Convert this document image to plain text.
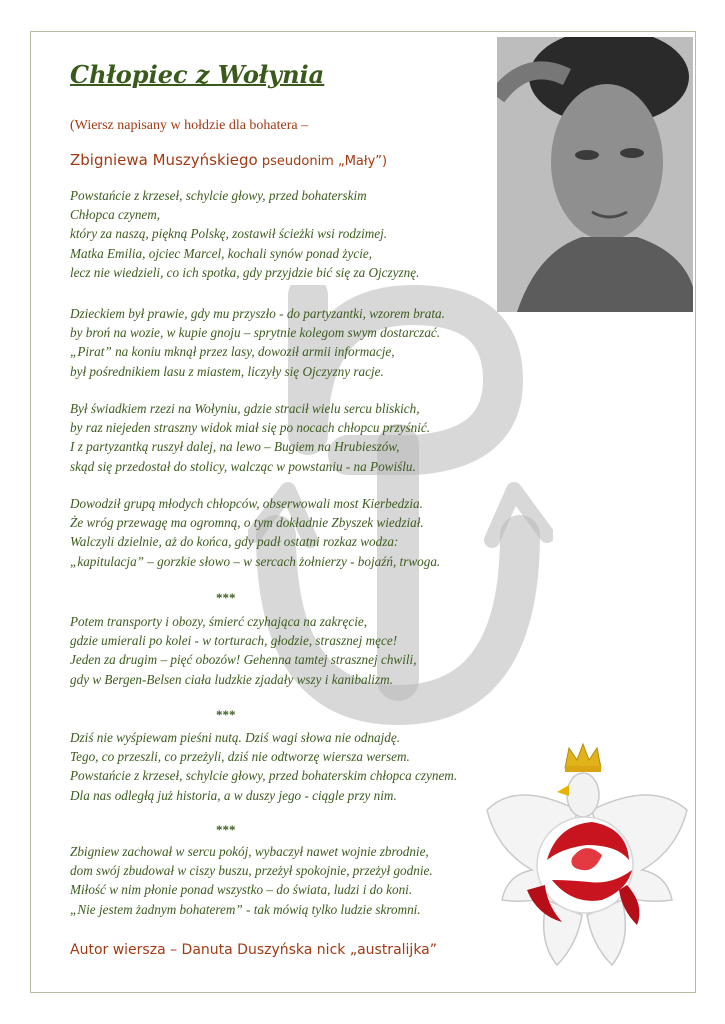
Chłopiec z Wołynia
(Wiersz napisany w hołdzie dla bohatera –
Zbigniewa Muszyńskiego pseudonim „Mały”)
Powstańcie z krzeseł, schylcie głowy, przed bohaterskim
Chłopca czynem,
który za naszą, piękną Polskę, zostawił ścieżki wsi rodzimej.
Matka Emilia, ojciec Marcel, kochali synów ponad życie,
lecz nie wiedzieli, co ich spotka, gdy przyjdzie bić się za Ojczyznę.
Dzieckiem był prawie, gdy mu przyszło - do partyzantki, wzorem brata.
by broń na wozie, w kupie gnoju – sprytnie kolegom swym dostarczać.
„Pirat” na koniu mknął przez lasy, dowoził armii informacje,
był pośrednikiem lasu z miastem, liczyły się Ojczyzny racje.
Był świadkiem rzezi na Wołyniu, gdzie stracił wielu sercu bliskich,
by raz niejeden straszny widok miał się po nocach chłopcu przyśnić.
I z partyzantką ruszył dalej, na lewo – Bugiem na Hrubieszów,
skąd się przedostał do stolicy, walcząc w powstaniu - na Powiślu.
Dowodził grupą młodych chłopców, obserwowali most Kierbedzia.
Że wróg przewagę ma ogromną, o tym dokładnie Zbyszek wiedział.
Walczyli dzielnie, aż do końca, gdy padł ostatni rozkaz wodza:
„kapitulacja” – gorzkie słowo – w sercach żołnierzy - bojaźń, trwoga.
***
Potem transporty i obozy, śmierć czyhająca na zakręcie,
gdzie umierali po kolei - w torturach, głodzie, strasznej męce!
Jeden za drugim – pięć obozów! Gehenna tamtej strasznej chwili,
gdy w Bergen-Belsen ciała ludzkie zjadały wszy i kanibalizm.
***
Dziś nie wyśpiewam pieśni nutą. Dziś wagi słowa nie odnajdę.
Tego, co przeszli, co przeżyli, dziś nie odtworzę wiersza wersem.
Powstańcie z krzeseł, schylcie głowy, przed bohaterskim chłopca czynem.
Dla nas odległą już historia, a w duszy jego - ciągle przy nim.
***
Zbigniew zachował w sercu pokój, wybaczył nawet wojnie zbrodnie,
dom swój zbudował w ciszy buszu, przeżył spokojnie, przeżył godnie.
Miłość w nim płonie ponad wszystko – do świata, ludzi i do koni.
„Nie jestem żadnym bohaterem” - tak mówią tylko ludzie skromni.
Autor wiersza – Danuta Duszyńska nick „australijka”
